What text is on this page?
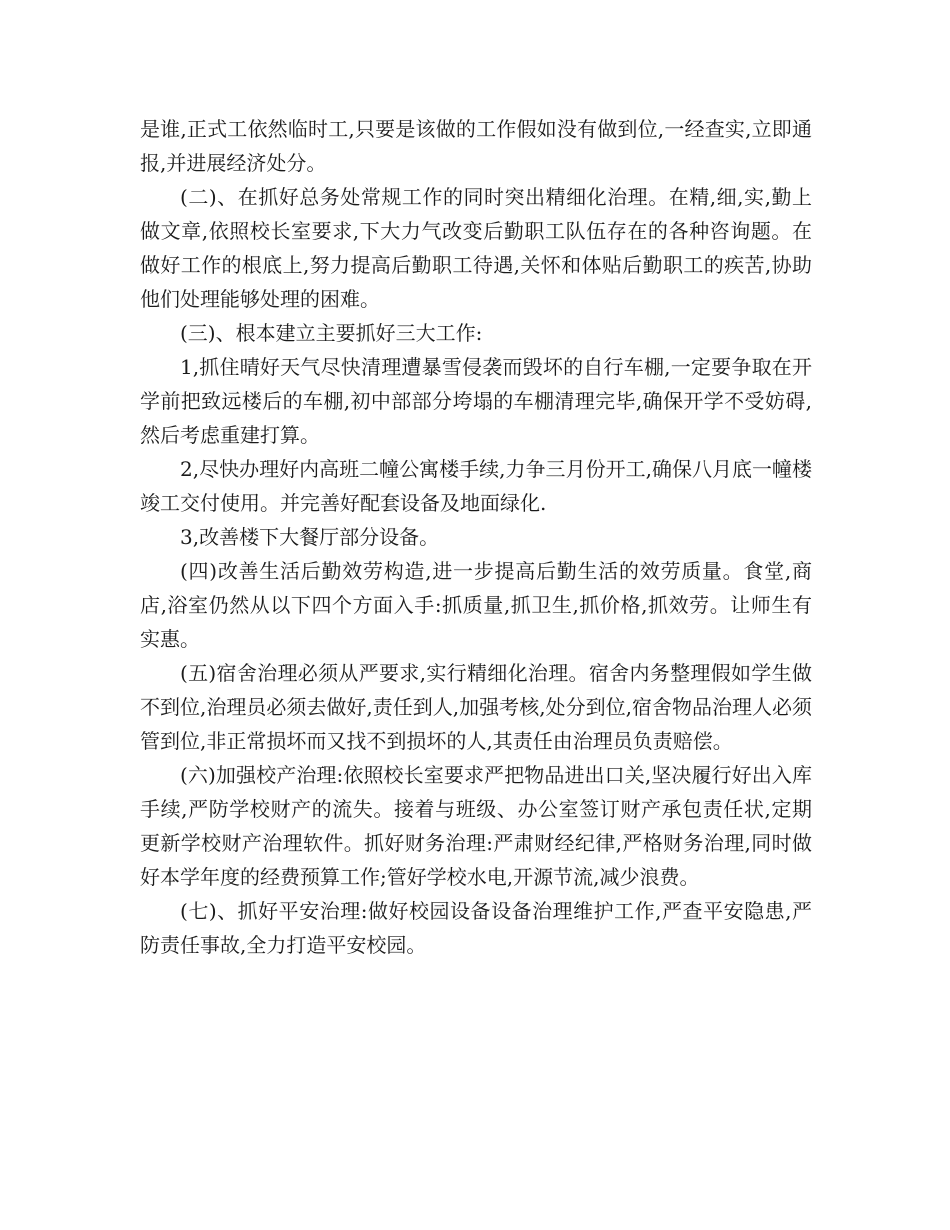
是谁,正式工依然临时工,只要是该做的工作假如没有做到位,一经查实,立即通报,并进展经济处分。

(二)、在抓好总务处常规工作的同时突出精细化治理。在精,细,实,勤上做文章,依照校长室要求,下大力气改变后勤职工队伍存在的各种咨询题。在做好工作的根底上,努力提高后勤职工待遇,关怀和体贴后勤职工的疾苦,协助他们处理能够处理的困难。

(三)、根本建立主要抓好三大工作:

1,抓住晴好天气尽快清理遭暴雪侵袭而毁坏的自行车棚,一定要争取在开学前把致远楼后的车棚,初中部部分垮塌的车棚清理完毕,确保开学不受妨碍,然后考虑重建打算。

2,尽快办理好内高班二幢公寓楼手续,力争三月份开工,确保八月底一幢楼竣工交付使用。并完善好配套设备及地面绿化.

3,改善楼下大餐厅部分设备。

(四)改善生活后勤效劳构造,进一步提高后勤生活的效劳质量。食堂,商店,浴室仍然从以下四个方面入手:抓质量,抓卫生,抓价格,抓效劳。让师生有实惠。

(五)宿舍治理必须从严要求,实行精细化治理。宿舍内务整理假如学生做不到位,治理员必须去做好,责任到人,加强考核,处分到位,宿舍物品治理人必须管到位,非正常损坏而又找不到损坏的人,其责任由治理员负责赔偿。

(六)加强校产治理:依照校长室要求严把物品进出口关,坚决履行好出入库手续,严防学校财产的流失。接着与班级、办公室签订财产承包责任状,定期更新学校财产治理软件。抓好财务治理:严肃财经纪律,严格财务治理,同时做好本学年度的经费预算工作;管好学校水电,开源节流,减少浪费。

(七)、抓好平安治理:做好校园设备设备治理维护工作,严查平安隐患,严防责任事故,全力打造平安校园。
